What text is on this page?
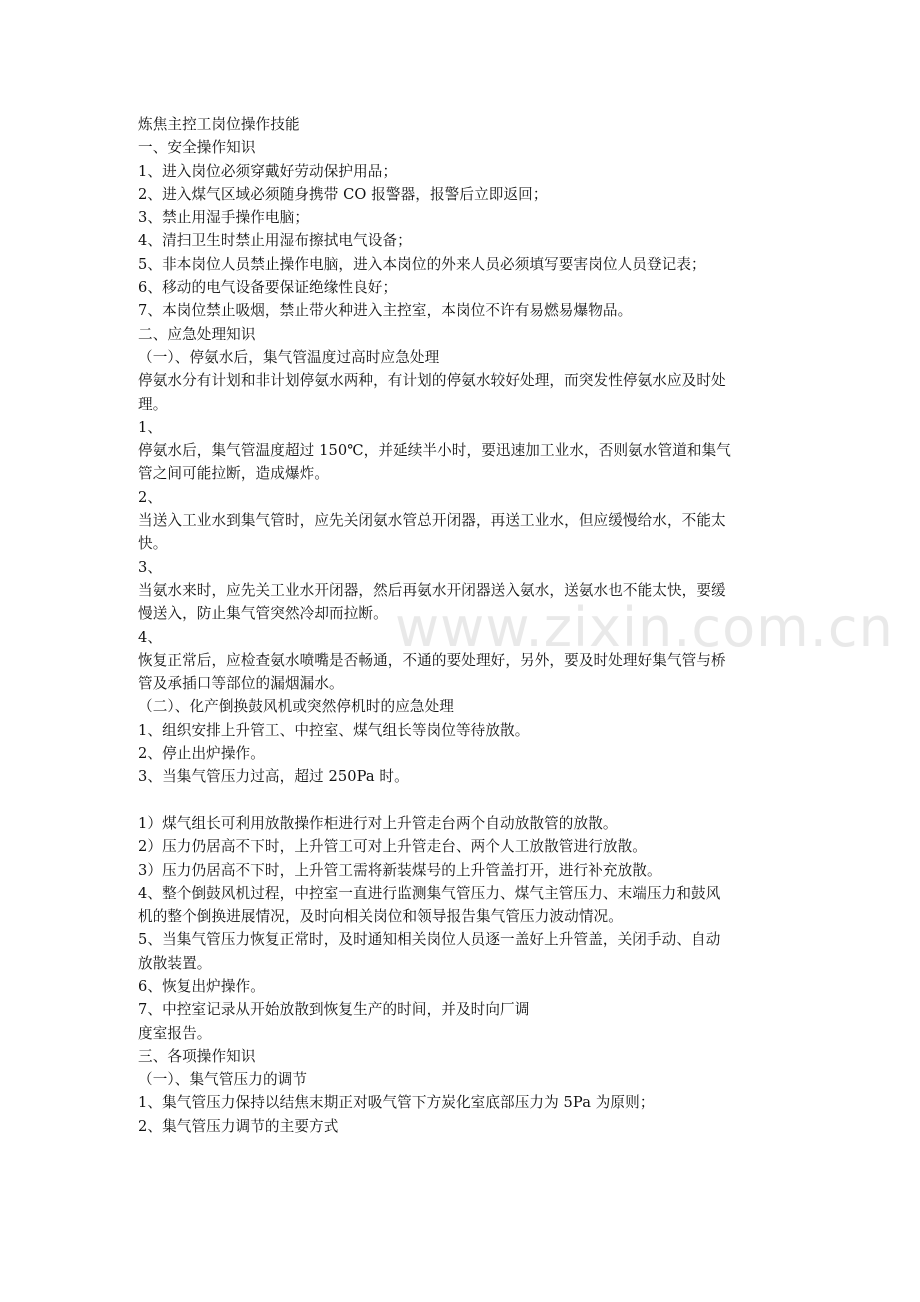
炼焦主控工岗位操作技能
一、安全操作知识
1、进入岗位必须穿戴好劳动保护用品；
2、进入煤气区域必须随身携带 CO 报警器，报警后立即返回；
3、禁止用湿手操作电脑；
4、清扫卫生时禁止用湿布擦拭电气设备；
5、非本岗位人员禁止操作电脑，进入本岗位的外来人员必须填写要害岗位人员登记表；
6、移动的电气设备要保证绝缘性良好；
7、本岗位禁止吸烟，禁止带火种进入主控室，本岗位不许有易燃易爆物品。
二、应急处理知识
（一）、停氨水后，集气管温度过高时应急处理
停氨水分有计划和非计划停氨水两种，有计划的停氨水较好处理，而突发性停氨水应及时处
理。
1、
停氨水后，集气管温度超过 150℃，并延续半小时，要迅速加工业水，否则氨水管道和集气
管之间可能拉断，造成爆炸。
2、
当送入工业水到集气管时，应先关闭氨水管总开闭器，再送工业水，但应缓慢给水，不能太
快。
3、
当氨水来时，应先关工业水开闭器，然后再氨水开闭器送入氨水，送氨水也不能太快，要缓
慢送入，防止集气管突然冷却而拉断。
4、
恢复正常后，应检查氨水喷嘴是否畅通，不通的要处理好，另外，要及时处理好集气管与桥
管及承插口等部位的漏烟漏水。
（二）、化产倒换鼓风机或突然停机时的应急处理
1、组织安排上升管工、中控室、煤气组长等岗位等待放散。
2、停止出炉操作。
3、当集气管压力过高，超过 250Pa 时。
1）煤气组长可利用放散操作柜进行对上升管走台两个自动放散管的放散。
2）压力仍居高不下时，上升管工可对上升管走台、两个人工放散管进行放散。
3）压力仍居高不下时，上升管工需将新装煤号的上升管盖打开，进行补充放散。
4、整个倒鼓风机过程，中控室一直进行监测集气管压力、煤气主管压力、末端压力和鼓风
机的整个倒换进展情况，及时向相关岗位和领导报告集气管压力波动情况。
5、当集气管压力恢复正常时，及时通知相关岗位人员逐一盖好上升管盖，关闭手动、自动
放散装置。
6、恢复出炉操作。
7、中控室记录从开始放散到恢复生产的时间，并及时向厂调
度室报告。
三、各项操作知识
（一）、集气管压力的调节
1、集气管压力保持以结焦末期正对吸气管下方炭化室底部压力为 5Pa 为原则；
2、集气管压力调节的主要方式
www.zixin.com.cn
